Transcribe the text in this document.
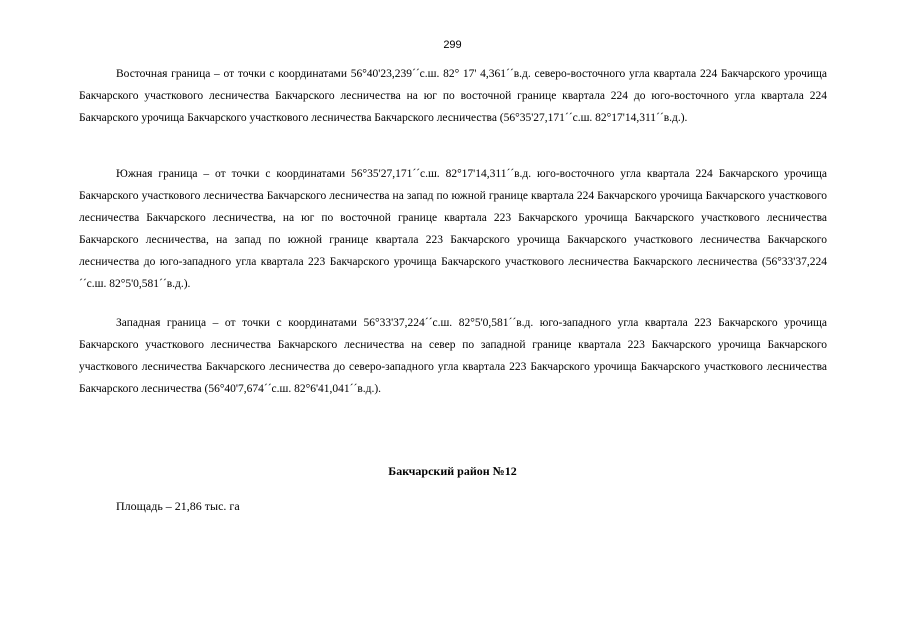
299

Восточная граница – от точки с координатами 56°40'23,239´´с.ш. 82° 17' 4,361´´в.д. северо-восточного угла квартала 224 Бакчарского урочища Бакчарского участкового лесничества Бакчарского лесничества на юг по восточной границе квартала 224 до юго-восточного угла квартала 224 Бакчарского урочища Бакчарского участкового лесничества Бакчарского лесничества (56°35'27,171´´с.ш. 82°17'14,311´´в.д.).

Южная граница – от точки с координатами 56°35'27,171´´с.ш. 82°17'14,311´´в.д. юго-восточного угла квартала 224 Бакчарского урочища Бакчарского участкового лесничества Бакчарского лесничества на запад по южной границе квартала 224 Бакчарского урочища Бакчарского участкового лесничества Бакчарского лесничества, на юг по восточной границе квартала 223 Бакчарского урочища Бакчарского участкового лесничества Бакчарского лесничества, на запад по южной границе квартала 223 Бакчарского урочища Бакчарского участкового лесничества Бакчарского лесничества до юго-западного угла квартала 223 Бакчарского урочища Бакчарского участкового лесничества Бакчарского лесничества (56°33'37,224´´с.ш. 82°5'0,581´´в.д.).

Западная граница – от точки с координатами 56°33'37,224´´с.ш. 82°5'0,581´´в.д. юго-западного угла квартала 223 Бакчарского урочища Бакчарского участкового лесничества Бакчарского лесничества на север по западной границе квартала 223 Бакчарского урочища Бакчарского участкового лесничества Бакчарского лесничества до северо-западного угла квартала 223 Бакчарского урочища Бакчарского участкового лесничества Бакчарского лесничества (56°40'7,674´´с.ш. 82°6'41,041´´в.д.).

Бакчарский район №12
Площадь – 21,86 тыс. га
